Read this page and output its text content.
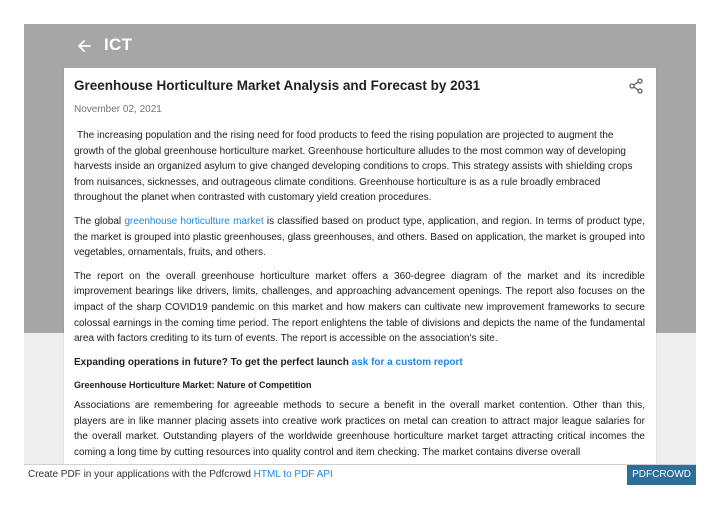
ICT
Greenhouse Horticulture Market Analysis and Forecast by 2031
November 02, 2021

The increasing population and the rising need for food products to feed the rising population are projected to augment the growth of the global greenhouse horticulture market. Greenhouse horticulture alludes to the most common way of developing harvests inside an organized asylum to give changed developing conditions to crops. This strategy assists with shielding crops from nuisances, sicknesses, and outrageous climate conditions. Greenhouse horticulture is as a rule broadly embraced throughout the planet when contrasted with customary yield creation procedures.

The global greenhouse horticulture market is classified based on product type, application, and region. In terms of product type, the market is grouped into plastic greenhouses, glass greenhouses, and others. Based on application, the market is grouped into vegetables, ornamentals, fruits, and others.

The report on the overall greenhouse horticulture market offers a 360-degree diagram of the market and its incredible improvement bearings like drivers, limits, challenges, and approaching advancement openings. The report also focuses on the impact of the sharp COVID19 pandemic on this market and how makers can cultivate new improvement frameworks to secure colossal earnings in the coming time period. The report enlightens the table of divisions and depicts the name of the fundamental area with factors crediting to its turn of events. The report is accessible on the association's site.

Expanding operations in future? To get the perfect launch ask for a custom report

Greenhouse Horticulture Market: Nature of Competition

Associations are remembering for agreeable methods to secure a benefit in the overall market contention. Other than this, players are in like manner placing assets into creative work practices on metal can creation to attract major league salaries for the overall market. Outstanding players of the worldwide greenhouse horticulture market target attracting critical incomes the coming a long time by cutting resources into quality control and item checking. The market contains diverse overall

Create PDF in your applications with the Pdfcrowd HTML to PDF API	PDFCROWD
